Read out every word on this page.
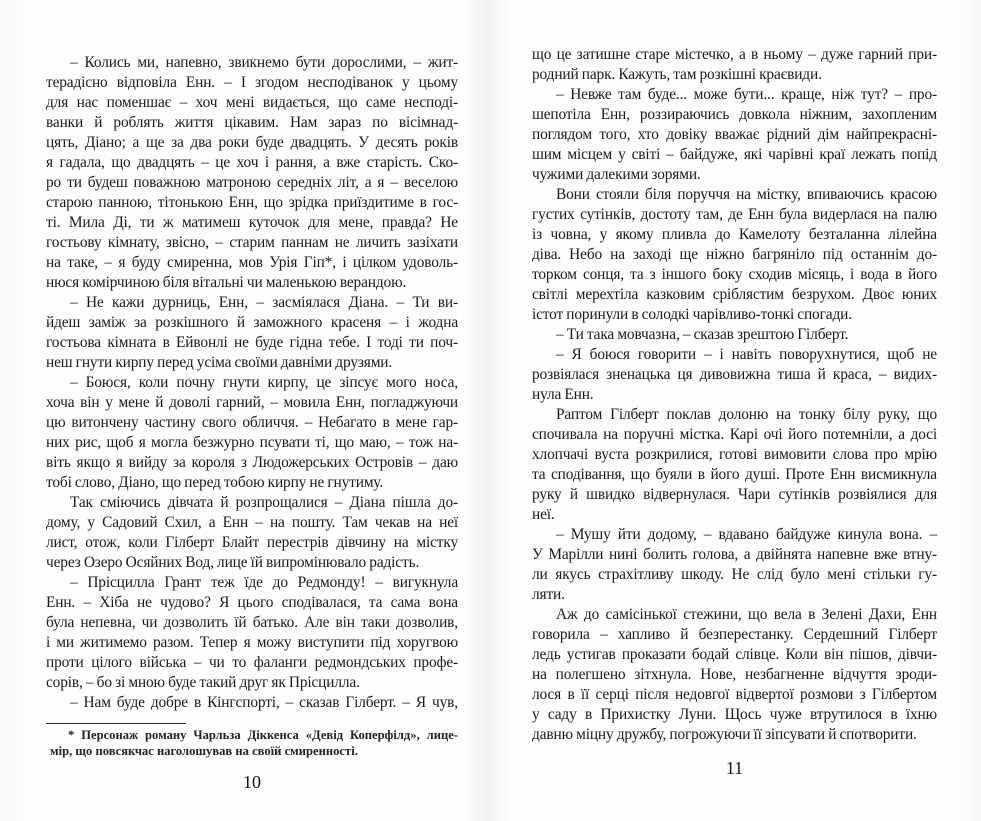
– Колись ми, напевно, звикнемо бути дорослими, – жит-
терадісно відповіла Енн. – І згодом несподіванок у цьому
для нас поменшає – хоч мені видається, що саме несподі-
ванки й роблять життя цікавим. Нам зараз по вісімнад-
цять, Діано; а ще за два роки буде двадцять. У десять років
я гадала, що двадцять – це хоч і рання, а вже старість. Ско-
ро ти будеш поважною матроною середніх літ, а я – веселою
старою панною, тітонькою Енн, що зрідка приїздитиме в гос-
ті. Мила Ді, ти ж матимеш куточок для мене, правда? Не
гостьову кімнату, звісно, – старим паннам не личить зазіхати
на таке, – я буду смиренна, мов Урія Гіп*, і цілком удоволь-
нюся комірчиною біля вітальні чи маленькою верандою.
– Не кажи дурниць, Енн, – засміялася Діана. – Ти ви-
йдеш заміж за розкішного й заможного красеня – і жодна
гостьова кімната в Ейвонлі не буде гідна тебе. І тоді ти поч-
неш гнути кирпу перед усіма своїми давніми друзями.
– Боюся, коли почну гнути кирпу, це зіпсує мого носа,
хоча він у мене й доволі гарний, – мовила Енн, погладжуючи
цю витончену частину свого обличчя. – Небагато в мене гар-
них рис, щоб я могла безжурно псувати ті, що маю, – тож на-
віть якщо я вийду за короля з Людожерських Островів – даю
тобі слово, Діано, що перед тобою кирпу не гнутиму.
Так сміючись дівчата й розпрощалися – Діана пішла до-
дому, у Садовий Схил, а Енн – на пошту. Там чекав на неї
лист, отож, коли Гілберт Блайт перестрів дівчину на містку
через Озеро Осяйних Вод, лице їй випромінювало радість.
– Прісцилла Грант теж їде до Редмонду! – вигукнула
Енн. – Хіба не чудово? Я цього сподівалася, та сама вона
була непевна, чи дозволить їй батько. Але він таки дозволив,
і ми житимемо разом. Тепер я можу виступити під хоругвою
проти цілого війська – чи то фаланги редмондських профе-
сорів, – бо зі мною буде такий друг як Прісцилла.
– Нам буде добре в Кінгспорті, – сказав Гілберт. – Я чув,
* Персонаж роману Чарльза Діккенса «Девід Коперфілд», лице-
мір, що повсякчас наголошував на своїй смиренності.
10
що це затишне старе містечко, а в ньому – дуже гарний при-
родний парк. Кажуть, там розкішні краєвиди.
– Невже там буде... може бути... краще, ніж тут? – про-
шепотіла Енн, роззираючись довкола ніжним, захопленим
поглядом того, хто довіку вважає рідний дім найпрекрасні-
шим місцем у світі – байдуже, які чарівні краї лежать попід
чужими далекими зорями.
Вони стояли біля поруччя на містку, впиваючись красою
густих сутінків, достоту там, де Енн була видерлася на палю
із човна, у якому пливла до Камелоту безталанна лілейна
діва. Небо на заході ще ніжно багряніло під останнім до-
торком сонця, та з іншого боку сходив місяць, і вода в його
світлі мерехтіла казковим сріблястим безрухом. Двоє юних
істот поринули в солодкі чарівливо-тонкі спогади.
– Ти така мовчазна, – сказав зрештою Гілберт.
– Я боюся говорити – і навіть поворухнутися, щоб не
розвіялася зненацька ця дивовижна тиша й краса, – видих-
нула Енн.
Раптом Гілберт поклав долоню на тонку білу руку, що
спочивала на поручні містка. Карі очі його потемніли, а досі
хлопчачі вуста розкрилися, готові вимовити слова про мрію
та сподівання, що буяли в його душі. Проте Енн висмикнула
руку й швидко відвернулася. Чари сутінків розвіялися для
неї.
– Мушу йти додому, – вдавано байдуже кинула вона. –
У Марілли нині болить голова, а двійнята напевне вже втну-
ли якусь страхітливу шкоду. Не слід було мені стільки гу-
ляти.
Аж до самісінької стежини, що вела в Зелені Дахи, Енн
говорила – хапливо й безперестанку. Сердешний Гілберт
ледь устигав проказати бодай слівце. Коли він пішов, дівчи-
на полегшено зітхнула. Нове, незбагненне відчуття зроди-
лося в її серці після недовгої відвертої розмови з Гілбертом
у саду в Прихистку Луни. Щось чуже втрутилося в їхню
давню міцну дружбу, погрожуючи її зіпсувати й спотворити.
11
